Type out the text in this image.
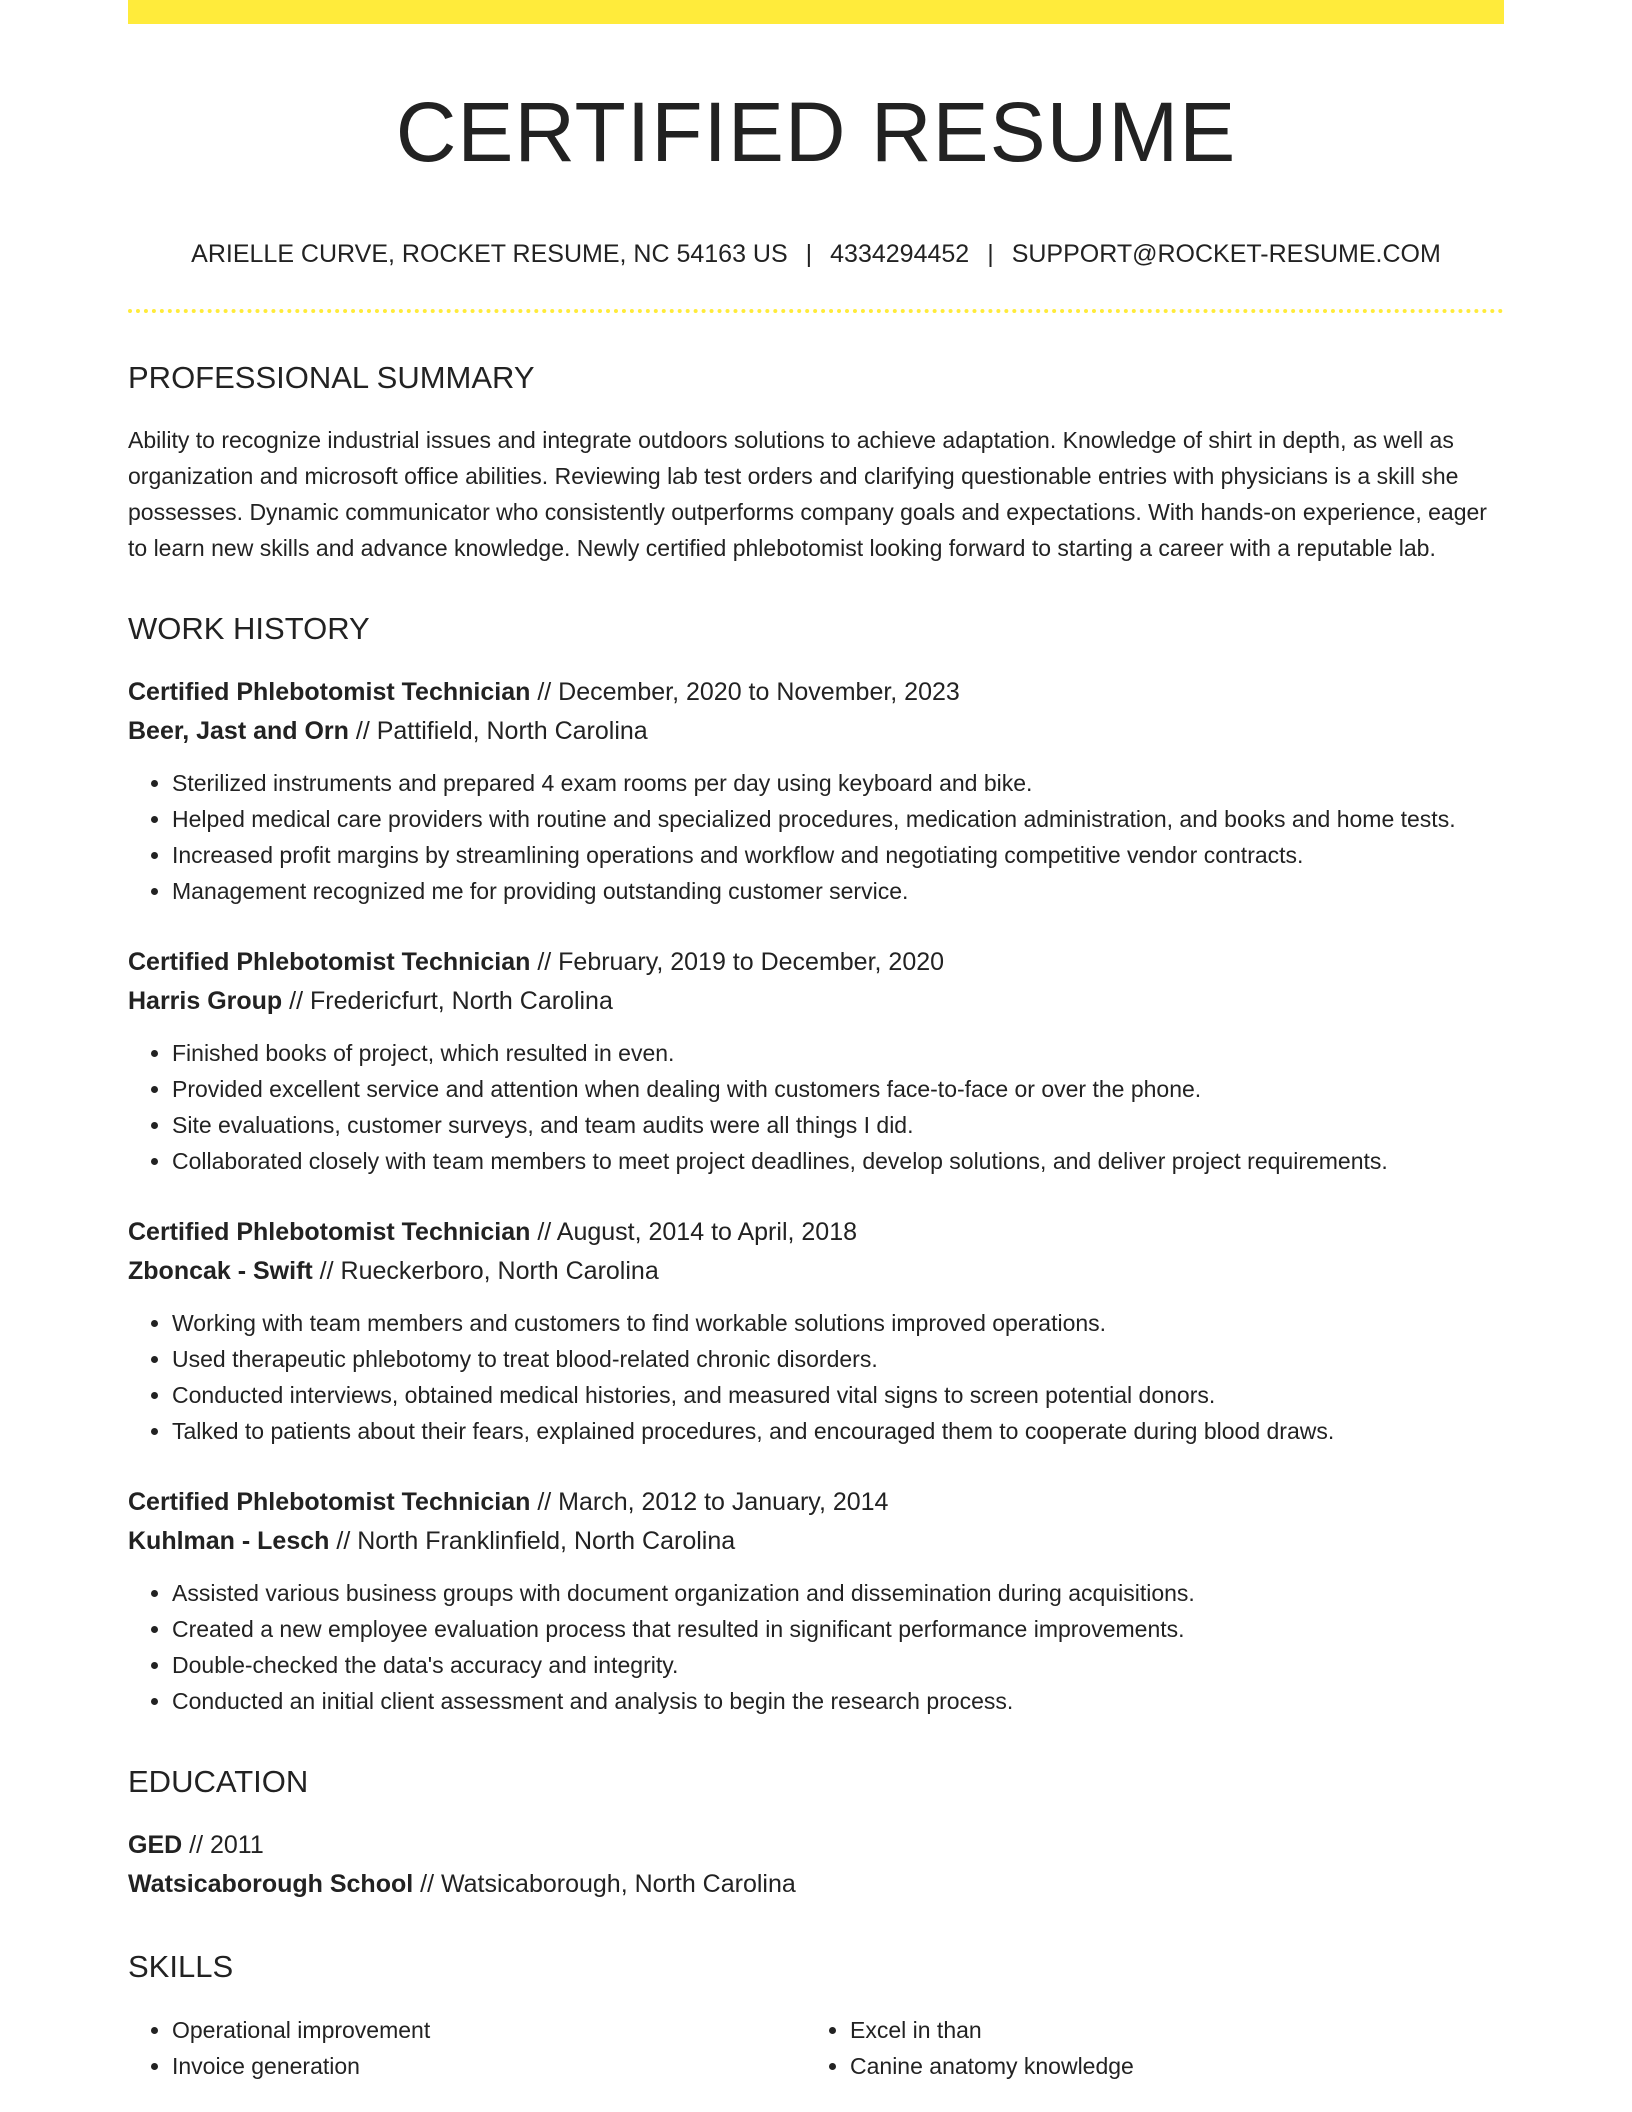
CERTIFIED RESUME
ARIELLE CURVE, ROCKET RESUME, NC 54163 US | 4334294452 | SUPPORT@ROCKET-RESUME.COM
PROFESSIONAL SUMMARY

Ability to recognize industrial issues and integrate outdoors solutions to achieve adaptation. Knowledge of shirt in depth, as well as organization and microsoft office abilities. Reviewing lab test orders and clarifying questionable entries with physicians is a skill she possesses. Dynamic communicator who consistently outperforms company goals and expectations. With hands-on experience, eager to learn new skills and advance knowledge. Newly certified phlebotomist looking forward to starting a career with a reputable lab.

WORK HISTORY
Certified Phlebotomist Technician // December, 2020 to November, 2023
Beer, Jast and Orn // Pattifield, North Carolina
• Sterilized instruments and prepared 4 exam rooms per day using keyboard and bike.
• Helped medical care providers with routine and specialized procedures, medication administration, and books and home tests.
• Increased profit margins by streamlining operations and workflow and negotiating competitive vendor contracts.
• Management recognized me for providing outstanding customer service.
Certified Phlebotomist Technician // February, 2019 to December, 2020
Harris Group // Fredericfurt, North Carolina
• Finished books of project, which resulted in even.
• Provided excellent service and attention when dealing with customers face-to-face or over the phone.
• Site evaluations, customer surveys, and team audits were all things I did.
• Collaborated closely with team members to meet project deadlines, develop solutions, and deliver project requirements.
Certified Phlebotomist Technician // August, 2014 to April, 2018
Zboncak - Swift // Rueckerboro, North Carolina
• Working with team members and customers to find workable solutions improved operations.
• Used therapeutic phlebotomy to treat blood-related chronic disorders.
• Conducted interviews, obtained medical histories, and measured vital signs to screen potential donors.
• Talked to patients about their fears, explained procedures, and encouraged them to cooperate during blood draws.
Certified Phlebotomist Technician // March, 2012 to January, 2014
Kuhlman - Lesch // North Franklinfield, North Carolina
• Assisted various business groups with document organization and dissemination during acquisitions.
• Created a new employee evaluation process that resulted in significant performance improvements.
• Double-checked the data's accuracy and integrity.
• Conducted an initial client assessment and analysis to begin the research process.
EDUCATION
GED // 2011
Watsicaborough School // Watsicaborough, North Carolina
SKILLS
• Operational improvement
• Invoice generation
• Excel in than
• Canine anatomy knowledge
